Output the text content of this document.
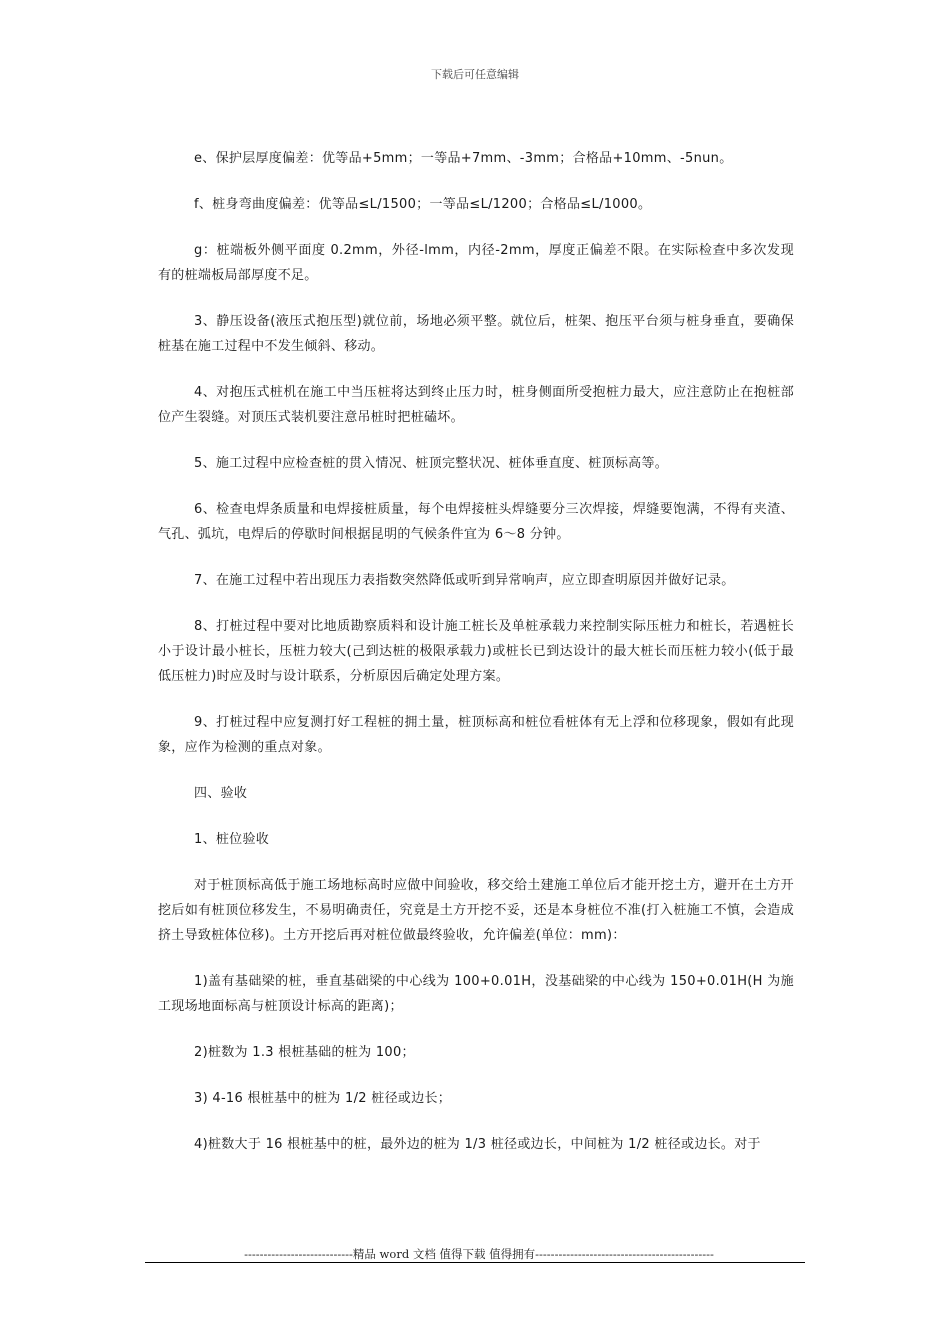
下载后可任意编辑

e、保护层厚度偏差：优等品+5mm；一等品+7mm、-3mm；合格品+10mm、-5nun。

f、桩身弯曲度偏差：优等品≤L/1500；一等品≤L/1200；合格品≤L/1000。

g：桩端板外侧平面度 0.2mm，外径-lmm，内径-2mm，厚度正偏差不限。在实际检查中多次发现有的桩端板局部厚度不足。

3、静压设备(液压式抱压型)就位前，场地必须平整。就位后，桩架、抱压平台须与桩身垂直，要确保桩基在施工过程中不发生倾斜、移动。

4、对抱压式桩机在施工中当压桩将达到终止压力时，桩身侧面所受抱桩力最大，应注意防止在抱桩部位产生裂缝。对顶压式装机要注意吊桩时把桩磕坏。

5、施工过程中应检查桩的贯入情况、桩顶完整状况、桩体垂直度、桩顶标高等。

6、检查电焊条质量和电焊接桩质量，每个电焊接桩头焊缝要分三次焊接，焊缝要饱满，不得有夹渣、气孔、弧坑，电焊后的停歇时间根据昆明的气候条件宜为 6～8 分钟。

7、在施工过程中若出现压力表指数突然降低或听到异常响声，应立即查明原因并做好记录。

8、打桩过程中要对比地质勘察质料和设计施工桩长及单桩承载力来控制实际压桩力和桩长，若遇桩长小于设计最小桩长，压桩力较大(己到达桩的极限承载力)或桩长已到达设计的最大桩长而压桩力较小(低于最低压桩力)时应及时与设计联系，分析原因后确定处理方案。

9、打桩过程中应复测打好工程桩的拥土量，桩顶标高和桩位看桩体有无上浮和位移现象，假如有此现象，应作为检测的重点对象。

四、验收

1、桩位验收

对于桩顶标高低于施工场地标高时应做中间验收，移交给土建施工单位后才能开挖土方，避开在土方开挖后如有桩顶位移发生，不易明确责任，究竟是土方开挖不妥，还是本身桩位不准(打入桩施工不慎，会造成挤土导致桩体位移)。土方开挖后再对桩位做最终验收，允许偏差(单位：mm)：

1)盖有基础梁的桩，垂直基础梁的中心线为 100+0.01H，没基础梁的中心线为 150+0.01H(H 为施工现场地面标高与桩顶设计标高的距离)；

2)桩数为 1.3 根桩基础的桩为 100；

3) 4-16 根桩基中的桩为 1/2 桩径或边长；

4)桩数大于 16 根桩基中的桩，最外边的桩为 1/3 桩径或边长，中间桩为 1/2 桩径或边长。对于

----------------------------精品 word 文档 值得下载 值得拥有----------------------------------------------
